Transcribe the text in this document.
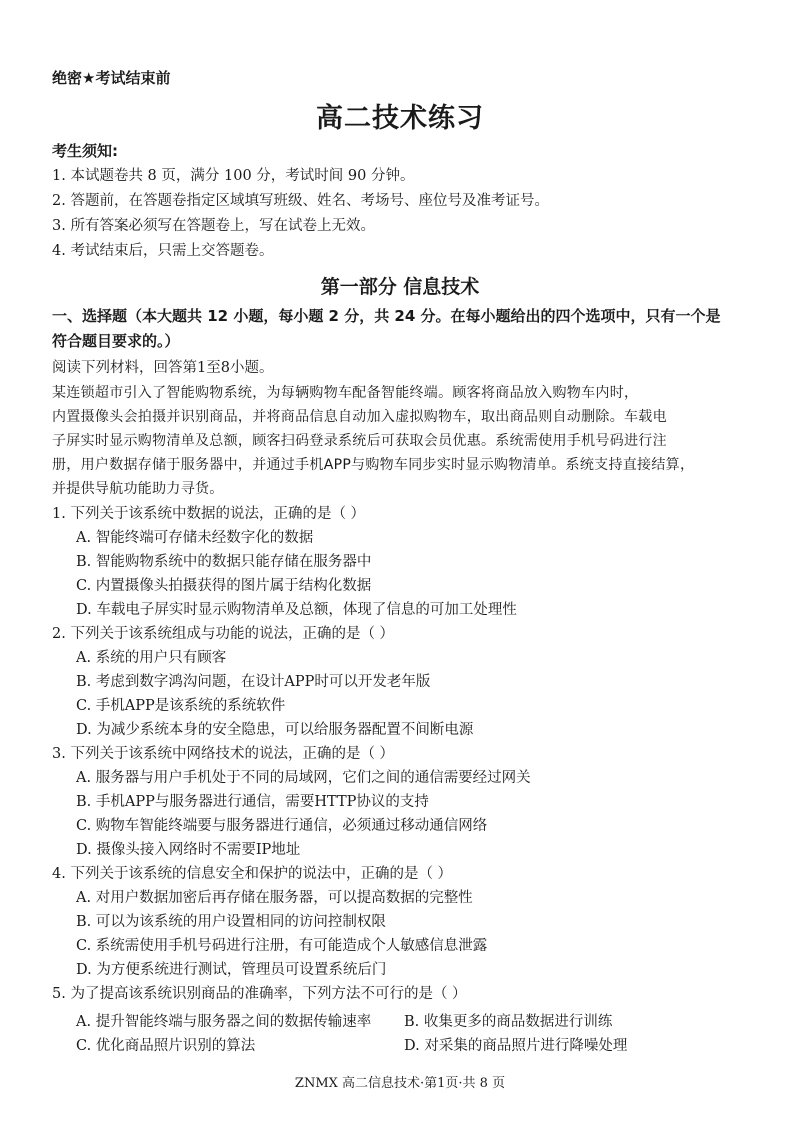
绝密★考试结束前
高二技术练习
考生须知:
1. 本试题卷共 8 页，满分 100 分，考试时间 90 分钟。
2. 答题前，在答题卷指定区域填写班级、姓名、考场号、座位号及准考证号。
3. 所有答案必须写在答题卷上，写在试卷上无效。
4. 考试结束后，只需上交答题卷。
第一部分 信息技术
一、选择题（本大题共 12 小题，每小题 2 分，共 24 分。在每小题给出的四个选项中，只有一个是
符合题目要求的。）
阅读下列材料，回答第1至8小题。
某连锁超市引入了智能购物系统，为每辆购物车配备智能终端。顾客将商品放入购物车内时，
内置摄像头会拍摄并识别商品，并将商品信息自动加入虚拟购物车，取出商品则自动删除。车载电
子屏实时显示购物清单及总额，顾客扫码登录系统后可获取会员优惠。系统需使用手机号码进行注
册，用户数据存储于服务器中，并通过手机APP与购物车同步实时显示购物清单。系统支持直接结算，
并提供导航功能助力寻货。
1. 下列关于该系统中数据的说法，正确的是（ ）
A. 智能终端可存储未经数字化的数据
B. 智能购物系统中的数据只能存储在服务器中
C. 内置摄像头拍摄获得的图片属于结构化数据
D. 车载电子屏实时显示购物清单及总额，体现了信息的可加工处理性
2. 下列关于该系统组成与功能的说法，正确的是（ ）
A. 系统的用户只有顾客
B. 考虑到数字鸿沟问题，在设计APP时可以开发老年版
C. 手机APP是该系统的系统软件
D. 为减少系统本身的安全隐患，可以给服务器配置不间断电源
3. 下列关于该系统中网络技术的说法，正确的是（ ）
A. 服务器与用户手机处于不同的局域网，它们之间的通信需要经过网关
B. 手机APP与服务器进行通信，需要HTTP协议的支持
C. 购物车智能终端要与服务器进行通信，必须通过移动通信网络
D. 摄像头接入网络时不需要IP地址
4. 下列关于该系统的信息安全和保护的说法中，正确的是（ ）
A. 对用户数据加密后再存储在服务器，可以提高数据的完整性
B. 可以为该系统的用户设置相同的访问控制权限
C. 系统需使用手机号码进行注册，有可能造成个人敏感信息泄露
D. 为方便系统进行测试，管理员可设置系统后门
5. 为了提高该系统识别商品的准确率，下列方法不可行的是（ ）
A. 提升智能终端与服务器之间的数据传输速率 B. 收集更多的商品数据进行训练
C. 优化商品照片识别的算法	D. 对采集的商品照片进行降噪处理
ZNMX 高二信息技术·第1页·共 8 页
